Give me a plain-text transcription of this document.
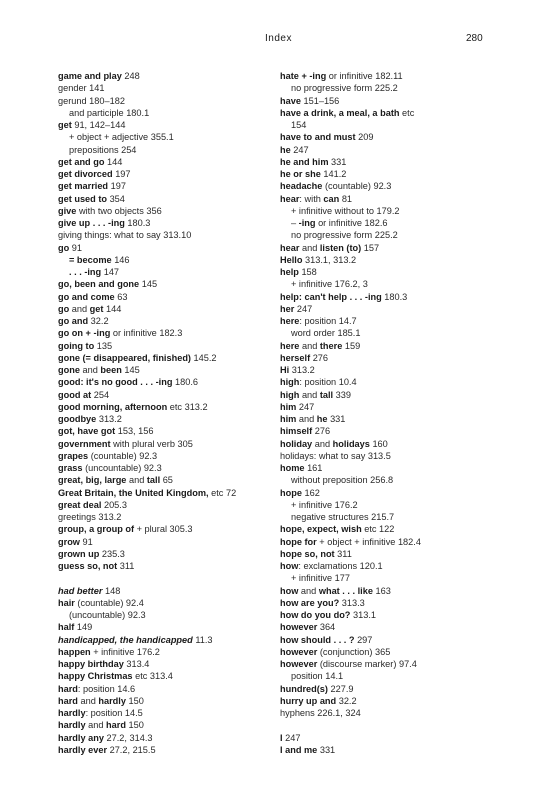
Index	280
game and play 248
gender 141
gerund 180–182
and participle 180.1
get 91, 142–144
+ object + adjective 355.1
prepositions 254
get and go 144
get divorced 197
get married 197
get used to 354
give with two objects 356
give up . . . -ing 180.3
giving things: what to say 313.10
go 91
= become 146
. . . -ing 147
go, been and gone 145
go and come 63
go and get 144
go and 32.2
go on + -ing or infinitive 182.3
going to 135
gone (= disappeared, finished) 145.2
gone and been 145
good: it's no good . . . -ing 180.6
good at 254
good morning, afternoon etc 313.2
goodbye 313.2
got, have got 153, 156
government with plural verb 305
grapes (countable) 92.3
grass (uncountable) 92.3
great, big, large and tall 65
Great Britain, the United Kingdom, etc 72
great deal 205.3
greetings 313.2
group, a group of + plural 305.3
grow 91
grown up 235.3
guess so, not 311
had better 148
hair (countable) 92.4
(uncountable) 92.3
half 149
handicapped, the handicapped 11.3
happen + infinitive 176.2
happy birthday 313.4
happy Christmas etc 313.4
hard: position 14.6
hard and hardly 150
hardly: position 14.5
hardly and hard 150
hardly any 27.2, 314.3
hardly ever 27.2, 215.5
hate + -ing or infinitive 182.11
no progressive form 225.2
have 151–156
have a drink, a meal, a bath etc
154
have to and must 209
he 247
he and him 331
he or she 141.2
headache (countable) 92.3
hear: with can 81
+ infinitive without to 179.2
– -ing or infinitive 182.6
no progressive form 225.2
hear and listen (to) 157
Hello 313.1, 313.2
help 158
+ infinitive 176.2, 3
help: can't help . . . -ing 180.3
her 247
here: position 14.7
word order 185.1
here and there 159
herself 276
Hi 313.2
high: position 10.4
high and tall 339
him 247
him and he 331
himself 276
holiday and holidays 160
holidays: what to say 313.5
home 161
without preposition 256.8
hope 162
+ infinitive 176.2
negative structures 215.7
hope, expect, wish etc 122
hope for + object + infinitive 182.4
hope so, not 311
how: exclamations 120.1
+ infinitive 177
how and what . . . like 163
how are you? 313.3
how do you do? 313.1
however 364
how should . . . ? 297
however (conjunction) 365
however (discourse marker) 97.4
position 14.1
hundred(s) 227.9
hurry up and 32.2
hyphens 226.1, 324
I 247
I and me 331
